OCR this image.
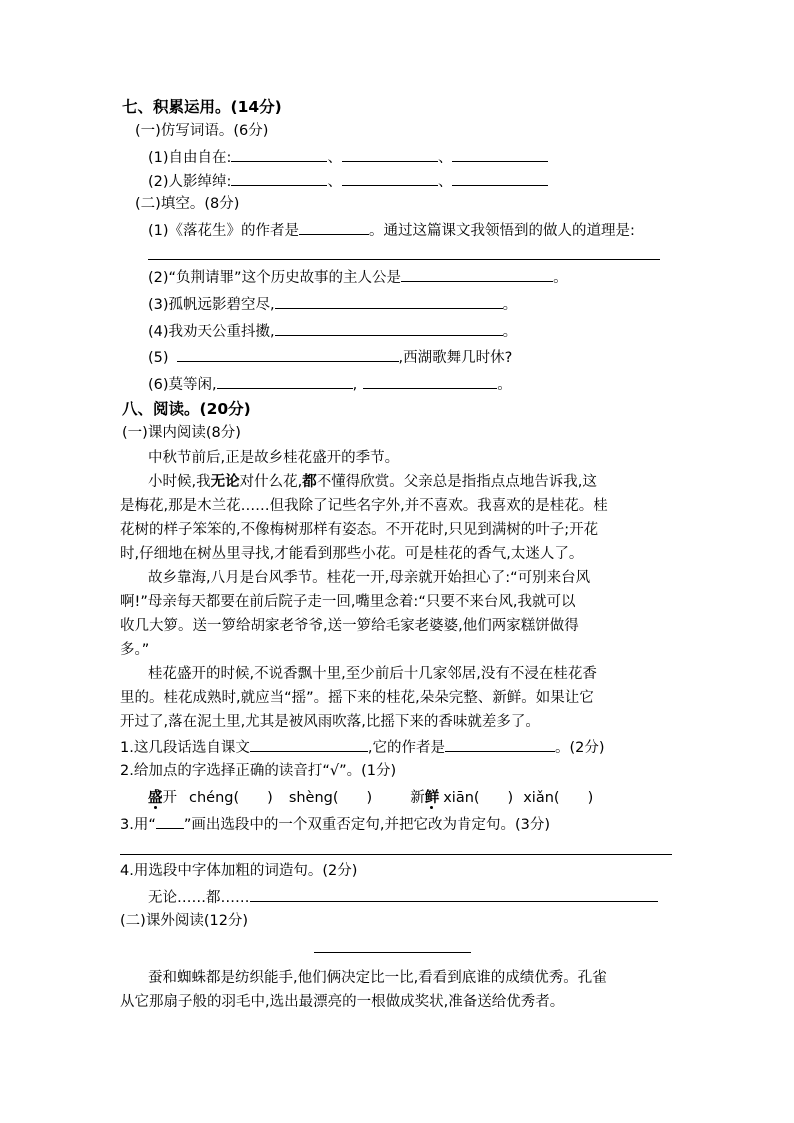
七、积累运用。(14分)
(一)仿写词语。(6分)
(1)自由自在:	、	、
(2)人影绰绰:	、	、
(二)填空。(8分)
(1)《落花生》的作者是	。通过这篇课文我领悟到的做人的道理是:
(2)“负荆请罪”这个历史故事的主人公是	。
(3)孤帆远影碧空尽,	。
(4)我劝天公重抖擞,	。
(5)	,西湖歌舞几时休?
(6)莫等闲,	,	。
八、阅读。(20分)
(一)课内阅读(8分)
中秋节前后,正是故乡桂花盛开的季节。
小时候,我无论对什么花,都不懂得欣赏。父亲总是指指点点地告诉我,这
是梅花,那是木兰花……但我除了记些名字外,并不喜欢。我喜欢的是桂花。桂
花树的样子笨笨的,不像梅树那样有姿态。不开花时,只见到满树的叶子;开花
时,仔细地在树丛里寻找,才能看到那些小花。可是桂花的香气,太迷人了。
故乡靠海,八月是台风季节。桂花一开,母亲就开始担心了:“可别来台风
啊!”母亲每天都要在前后院子走一回,嘴里念着:“只要不来台风,我就可以
收几大箩。送一箩给胡家老爷爷,送一箩给毛家老婆婆,他们两家糕饼做得
多。”
桂花盛开的时候,不说香飘十里,至少前后十几家邻居,没有不浸在桂花香
里的。桂花成熟时,就应当“摇”。摇下来的桂花,朵朵完整、新鲜。如果让它
开过了,落在泥土里,尤其是被风雨吹落,比摇下来的香味就差多了。
1.这几段话选自课文	,它的作者是	。(2分)
2.给加点的字选择正确的读音打“√”。(1分)
盛开 chéng( ) shèng( )	新鲜 xiān( ) xiǎn( )
3.用“ ”画出选段中的一个双重否定句,并把它改为肯定句。(3分)
4.用选段中字体加粗的词造句。(2分)
无论……都……
(二)课外阅读(12分)
蚕和蜘蛛都是纺织能手,他们俩决定比一比,看看到底谁的成绩优秀。孔雀
从它那扇子般的羽毛中,选出最漂亮的一根做成奖状,准备送给优秀者。
